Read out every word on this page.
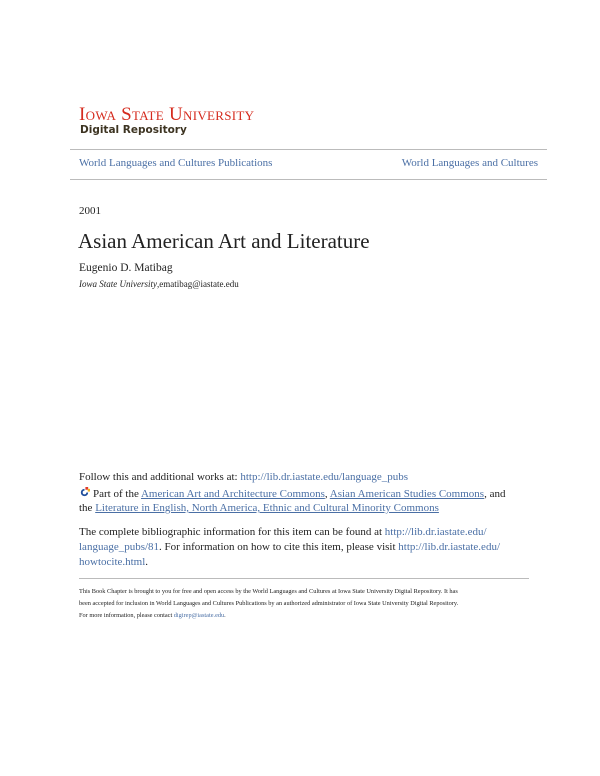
Iowa State University
Digital Repository
World Languages and Cultures Publications	World Languages and Cultures
2001
Asian American Art and Literature
Eugenio D. Matibag
Iowa State University,ematibag@iastate.edu
Follow this and additional works at: http://lib.dr.iastate.edu/language_pubs
Part of the American Art and Architecture Commons, Asian American Studies Commons, and
the Literature in English, North America, Ethnic and Cultural Minority Commons
The complete bibliographic information for this item can be found at http://lib.dr.iastate.edu/
language_pubs/81. For information on how to cite this item, please visit http://lib.dr.iastate.edu/
howtocite.html.
This Book Chapter is brought to you for free and open access by the World Languages and Cultures at Iowa State University Digital Repository. It has
been accepted for inclusion in World Languages and Cultures Publications by an authorized administrator of Iowa State University Digital Repository.
For more information, please contact digirep@iastate.edu.
